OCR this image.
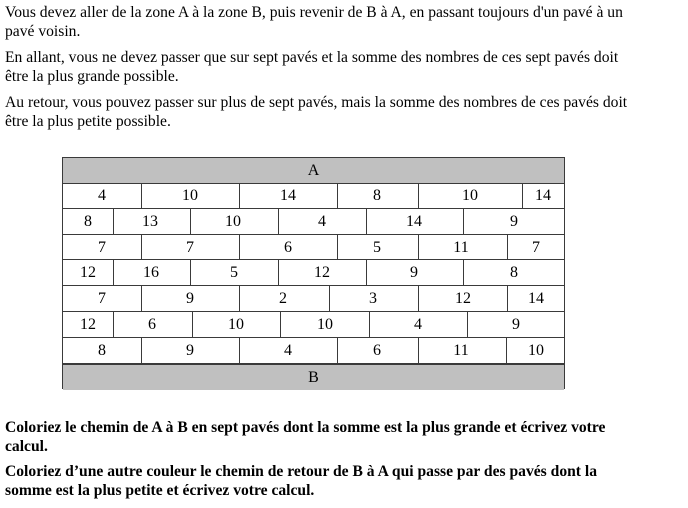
Vous devez aller de la zone A à la zone B, puis revenir de B à A, en passant toujours d'un pavé à un
pavé voisin.
En allant, vous ne devez passer que sur sept pavés et la somme des nombres de ces sept pavés doit
être la plus grande possible.
Au retour, vous pouvez passer sur plus de sept pavés, mais la somme des nombres de ces pavés doit
être la plus petite possible.
A
B
4	10	14	8	10	14
8	13	10	4	14	9
7	7	6	5	11	7
12	16	5	12	9	8
7	9	2	3	12	14
12	6	10	10	4	9
8	9	4	6	11	10
Coloriez le chemin de A à B en sept pavés dont la somme est la plus grande et écrivez votre
calcul.
Coloriez d’une autre couleur le chemin de retour de B à A qui passe par des pavés dont la
somme est la plus petite et écrivez votre calcul.
